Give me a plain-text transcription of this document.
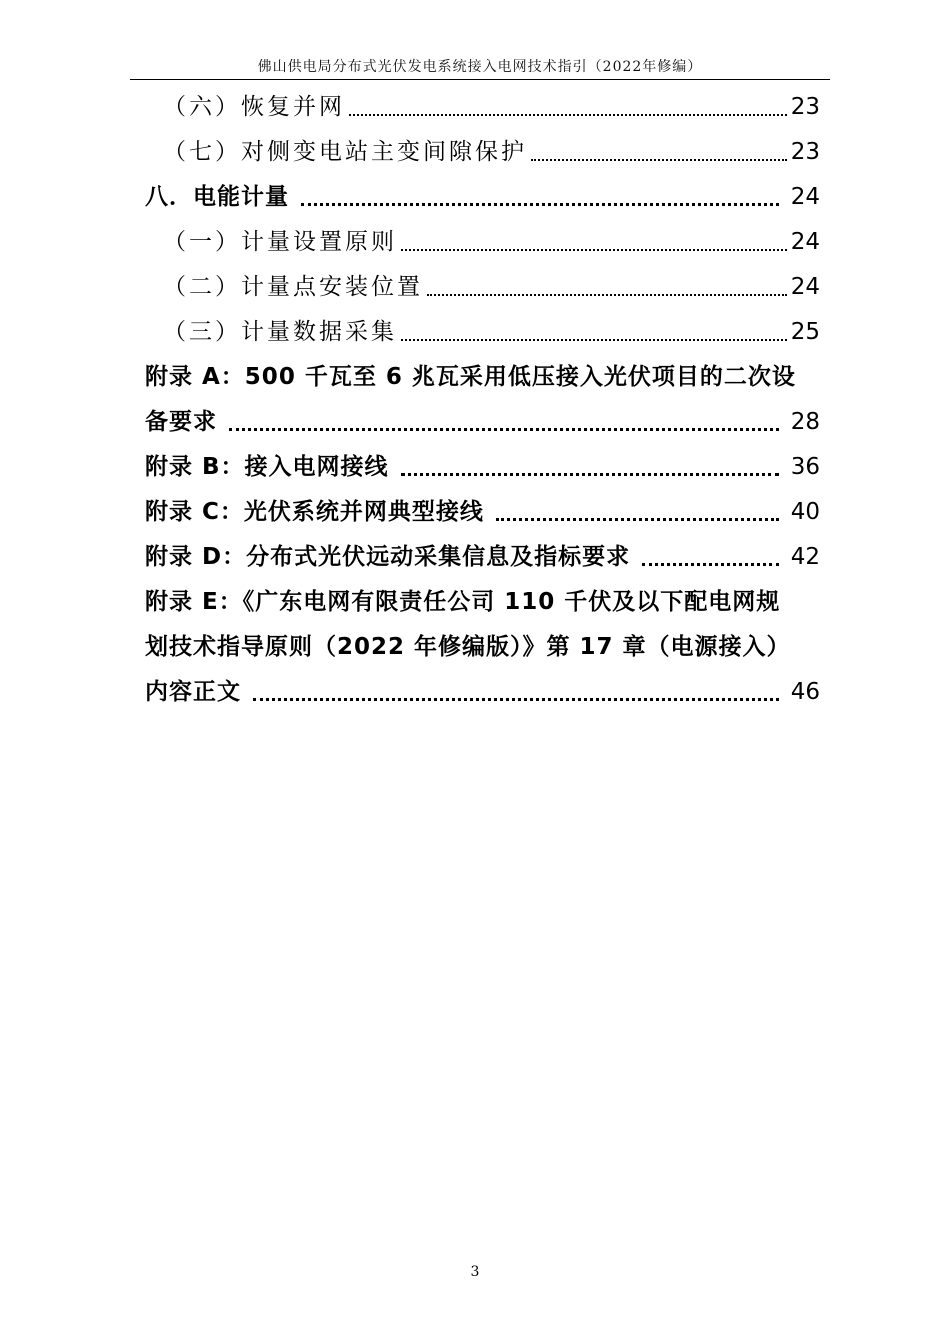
佛山供电局分布式光伏发电系统接入电网技术指引（2022年修编）
（六）恢复并网	23
（七）对侧变电站主变间隙保护	23
八．电能计量	24
（一）计量设置原则	24
（二）计量点安装位置	24
（三）计量数据采集	25
附录 A：500 千瓦至 6 兆瓦采用低压接入光伏项目的二次设
备要求	28
附录 B：接入电网接线	36
附录 C：光伏系统并网典型接线	40
附录 D：分布式光伏远动采集信息及指标要求	42
附录 E：《广东电网有限责任公司 110 千伏及以下配电网规
划技术指导原则（2022 年修编版）》第 17 章（电源接入）
内容正文	46
3
